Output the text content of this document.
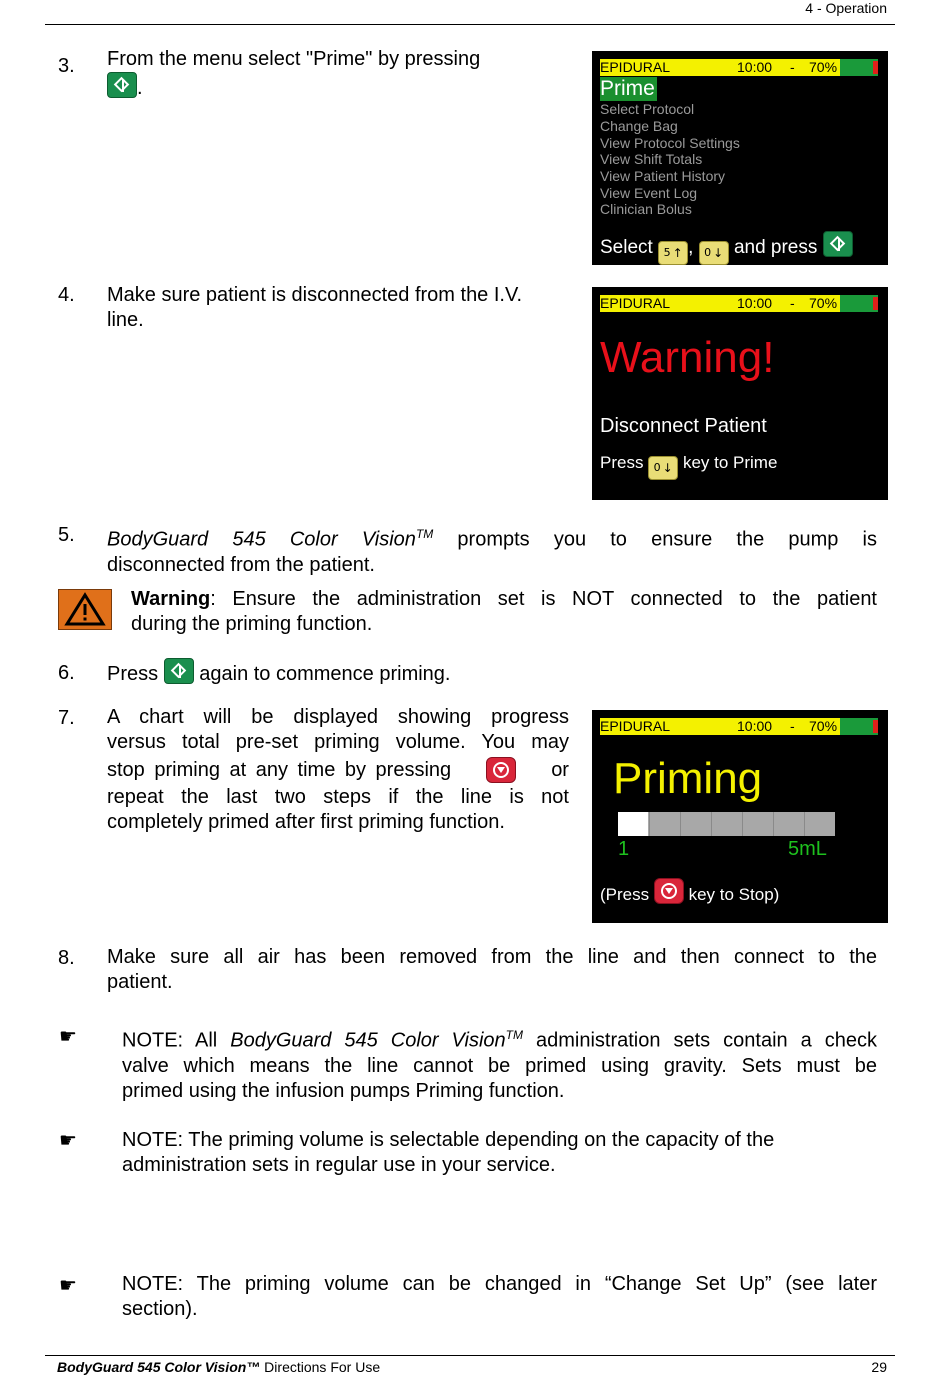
4 - Operation
3. From the menu select "Prime" by pressing
.
EPIDURAL	10:00 - 70%
Prime
Select Protocol
Change Bag
View Protocol Settings
View Shift Totals
View Patient History
View Event Log
Clinician Bolus
Select 5 ↑ , 0 ↓ and press
4. Make sure patient is disconnected from the I.V.
line.
EPIDURAL	10:00 - 70%
Warning!
Disconnect Patient
Press 0 ↓ key to Prime
5. BodyGuard 545 Color Vision™ prompts you to ensure the pump is
disconnected from the patient.
Warning: Ensure the administration set is NOT connected to the patient
during the priming function.
6. Press again to commence priming.
7. A chart will be displayed showing progress
versus total pre-set priming volume. You may
stop priming at any time by pressing	or
repeat the last two steps if the line is not
completely primed after first priming function.
EPIDURAL	10:00 - 70%
Priming
1	5mL
(Press key to Stop)
8. Make sure all air has been removed from the line and then connect to the
patient.
☛ NOTE: All BodyGuard 545 Color Vision™ administration sets contain a check
valve which means the line cannot be primed using gravity. Sets must be
primed using the infusion pumps Priming function.
☛ NOTE: The priming volume is selectable depending on the capacity of the
administration sets in regular use in your service.
☛ NOTE: The priming volume can be changed in “Change Set Up” (see later
section).
BodyGuard 545 Color Vision™ Directions For Use	29
